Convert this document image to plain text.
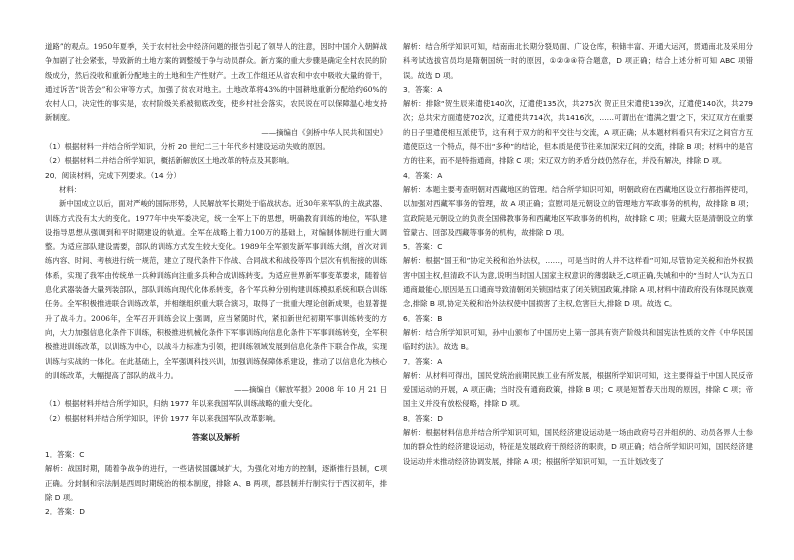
道路”的观点。1950年夏季，关于农村社会中经济问题的报告引起了领导人的注意，因时中国介入朝鲜战争加剧了社会紧张，导致新的土地方案的调整缓于争与动员群众。新方案的重大步骤是确定全村农民的阶级成分，然后没收和重新分配地主的土地和生产性财产。土改工作组还从省农和中农中吸收大量的骨干，通过诉苦“说苦会”和公审等方式，加强了贫农对地主。土地改革将43%的中国耕地重新分配给约60%的农村人口，决定性的事实是，农村阶级关系被彻底改变，使乡村社会落实，农民说在可以保障温心地支持新制度。

——摘编自《剑桥中华人民共和国史》

（1）根据材料一并结合所学知识，分析 20 世纪二三十年代乡村建设运动失败的原因。

（2）根据材料二并结合所学知识，概括新解放区土地改革的特点及其影响。

20．阅读材料，完成下列要求。（14 分）

材料：

新中国成立以后，面对严峻的国际形势，人民解放军长期处于临战状态。近30年来军队的主战武器、训练方式没有太大的变化。1977年中央军委决定，统一全军上下的思想，明确教育训练的地位，军队建设指导思想从强调到和平时期建设的轨道。全军在战略上着力100万的基础上，对编制体制进行重大调整。为适应部队建设需要，部队的训练方式发生较大变化。1989年全军颁发新军事训练大纲，首次对训练内容、时间、考核进行统一规范，建立了现代条件下作战、合同战术和战役等四个层次有机衔接的训练体系，实现了我军由传统单一兵种训练向注重多兵种合成训练转变。为适应世界新军事变革要求，随着信息化武器装备大量列装部队，部队训练向现代化体系转变，各个军兵种分别构建训练模拟系统和联合训练任务。全军积极推进联合训练改革，并相继组织重大联合演习，取得了一批重大理论创新成果，也显著提升了战斗力。2006年，全军召开训练会议上强调，应当紧随时代，紧扣新世纪初期军事训练转变的方向，大力加强信息化条件下训练，积极推进机械化条件下军事训练向信息化条件下军事训练转变，全军积极推进训练改革，以训练为中心，以战斗力标准为引领，把训练领域发展到信息化条件下联合作战，实现训练与实战的一体化。在此基础上，全军强调科技兴训，加强训练保障体系建设，推动了以信息化为核心的训练改革，大幅提高了部队的战斗力。

——摘编自《解放军报》2008 年 10 月 21 日

（1）根据材料并结合所学知识，归纳 1977 年以来我国军队训练战略的重大变化。

（2）根据材料并结合所学知识，评价 1977 年以来我国军队改革影响。

答案以及解析

1．答案：C

解析：战国时期，随着争战争的进行，一些诸侯国疆域扩大，为强化对地方的控制，逐渐推行县制，C项正确。分封制和宗法制是西周时期统治的根本制度，排除 A、B 两项，郡县制并行制实行于西汉初年，排除 D 项。

2．答案：D

解析：结合所学知识可知，结南南北长期分裂局面、广设仓库，积储丰富、开通大运河，贯通南北及采用分科考试选拔官员均是隋朝国统一时的原因，①②③④符合题意，D 项正确；结合上述分析可知 ABC 项错误。故选 D 项。

3．答案：A

解析：排除“贺生辰来遣使140次，辽遣使135次，共275次 贺正旦宋遣使139次，辽遣使140次，共279次；总共宋方面遣使702次，辽遣使共714次，共1416次，……可谓出在‘遣满之盟’之下，宋辽双方在重要的日子里遣使相互派使节，这有利于双方的和平交往与交流，A 项正确；从本题材料看只有宋辽之间官方互遣使臣这一个特点，得不出“多种”的结论，但本质是使节往来加深宋辽间的交流，排除 B 项；材料中的是官方的往来，而不是特指通商，排除 C 项；宋辽双方的矛盾分歧仍然存在，并没有解决，排除 D 项。

4．答案：A

解析：本题主要考查明朝对西藏地区的管理。结合所学知识可知，明朝政府在西藏地区设立行都指挥使司，以加强对西藏军事务的管理，故 A 项正确；宣慰司是元朝设立的管理地方军政事务的机构，故排除 B 项；宣政院是元朝设立的负责全国佛教事务和西藏地区军政事务的机构，故排除 C 项；驻藏大臣是清朝设立的掌管蒙古、回部及西藏等事务的机构，故排除 D 项。

5．答案：C

解析：根据“国王和”协定关税和治外法权，……，可是当时的人并不这样看”可知,尽管协定关税和治外权损害中国主权,但清政不认为意,说明当时国人国家主权意识的薄弱缺乏,C项正确,失城和中的“当时人”认为五口通商最能心,原因是五口通商导致清朝闭关锁国结束了闭关锁国政策,排除 A 项,材料中清政府没有体现民族观念,排除 B 项,协定关税和治外法权使中国损害了主权,危害巨大,排除 D 项。故选 C。

6．答案：B

解析：结合所学知识可知，孙中山颁布了中国历史上第一部具有资产阶级共和国宪法性质的文件《中华民国临时约法》。故选 B。

7．答案：A

解析：从材料可得出，国民党统治前期民族工业有所发展，根据所学知识可知，这主要得益于中国人民反帝爱国运动的开展，A 项正确；当时没有通商政策，排除 B 项；C 项是短暂春天出现的原因，排除 C 项；帝国主义并没有放松侵略，排除 D 项。

8．答案：D

解析：根据材料信息并结合所学知识可知，国民经济建设运动是一场由政府号召并组织的、动员各界人士参加的群众性的经济建设运动，特征是发展政府干预经济的职责，D 项正确；结合所学知识可知，国民经济建设运动并未推动经济协调发展，排除 A 项；根据所学知识可知，一五计划改变了
